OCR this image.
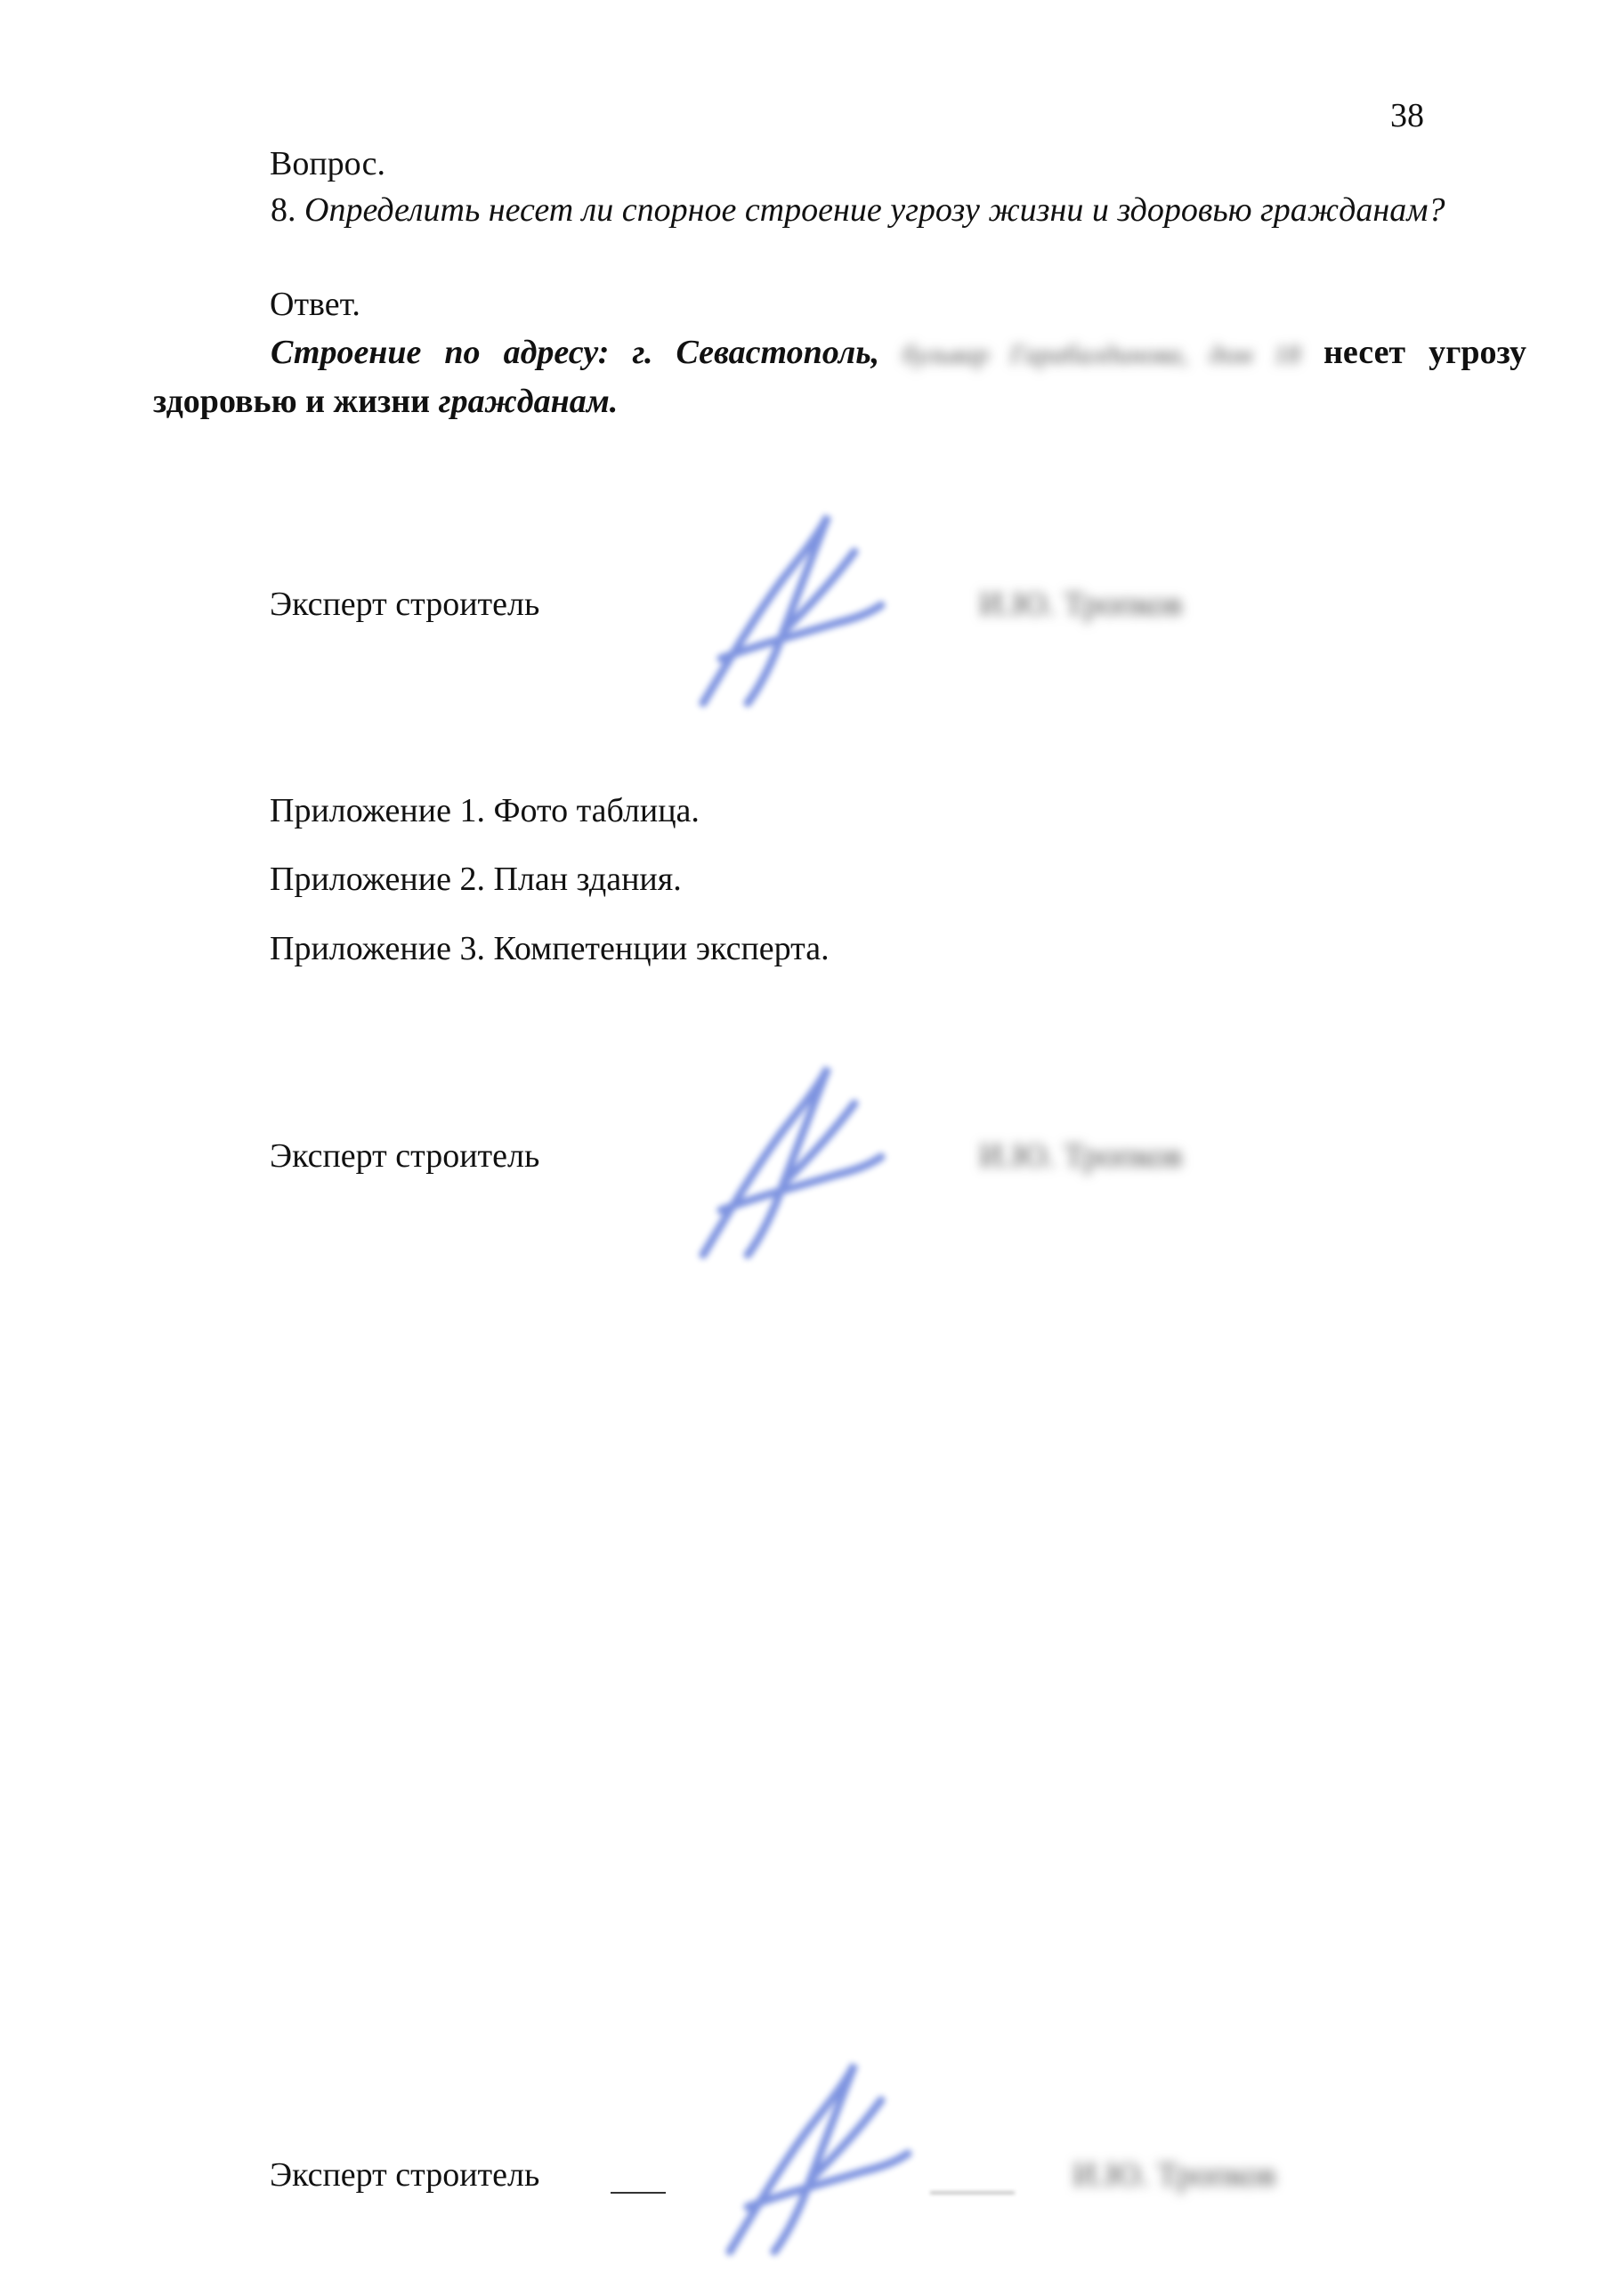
38
Вопрос.
8. Определить несет ли спорное строение угрозу жизни и здоровью гражданам?
Ответ.
Строение по адресу: г. Севастополь, бульвар Гарабалдинова, дом 18 несет угрозу здоровью и жизни гражданам.
Эксперт строитель	И.Ю. Тропков
Приложение 1. Фото таблица.
Приложение 2. План здания.
Приложение 3. Компетенции эксперта.
Эксперт строитель	И.Ю. Тропков
Эксперт строитель	И.Ю. Тропков
